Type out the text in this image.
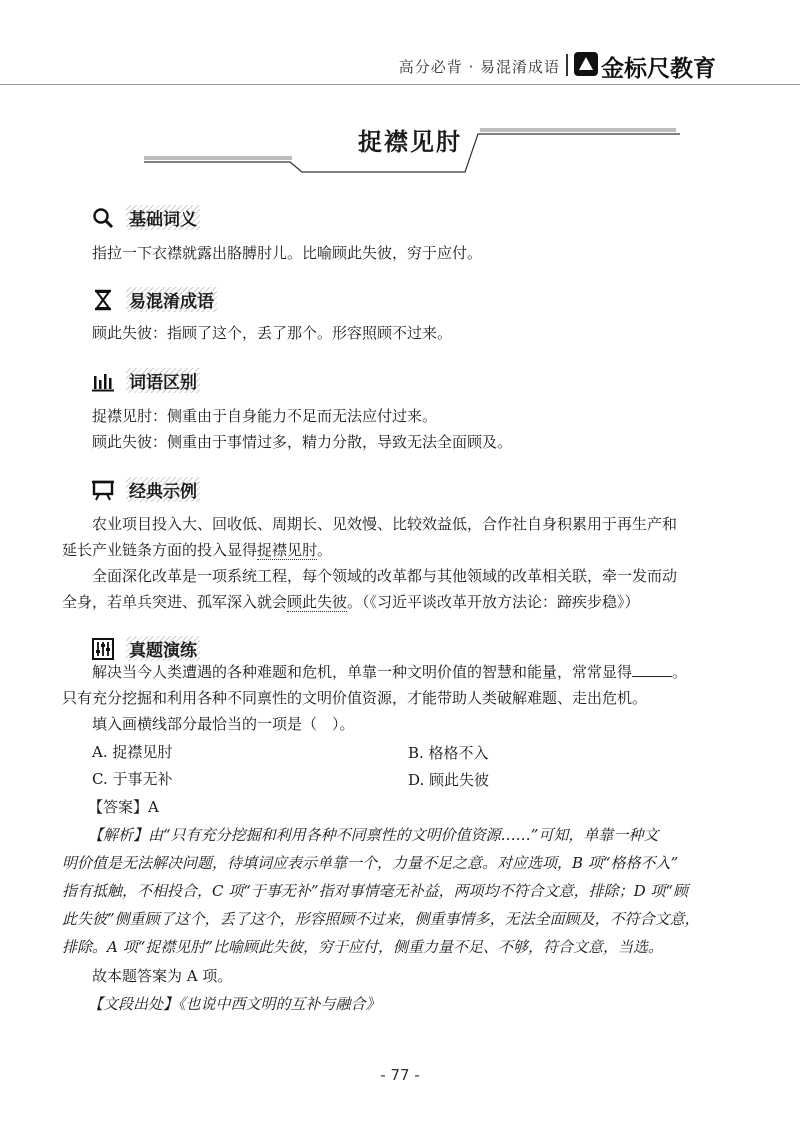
高分必背 · 易混淆成语 金标尺教育
捉襟见肘
基础词义
指拉一下衣襟就露出胳膊肘儿。比喻顾此失彼，穷于应付。
易混淆成语
顾此失彼：指顾了这个，丢了那个。形容照顾不过来。
词语区别
捉襟见肘：侧重由于自身能力不足而无法应付过来。
顾此失彼：侧重由于事情过多，精力分散，导致无法全面顾及。
经典示例
农业项目投入大、回收低、周期长、见效慢、比较效益低，合作社自身积累用于再生产和
延长产业链条方面的投入显得捉襟见肘。
全面深化改革是一项系统工程，每个领域的改革都与其他领域的改革相关联，牵一发而动
全身，若单兵突进、孤军深入就会顾此失彼。（《习近平谈改革开放方法论：蹄疾步稳》）
真题演练
解决当今人类遭遇的各种难题和危机，单靠一种文明价值的智慧和能量，常常显得	。
只有充分挖掘和利用各种不同禀性的文明价值资源，才能带助人类破解难题、走出危机。
填入画横线部分最恰当的一项是（　）。
A. 捉襟见肘	B. 格格不入
C. 于事无补	D. 顾此失彼
【答案】A
【解析】由“只有充分挖掘和利用各种不同禀性的文明价值资源……”可知，单靠一种文
明价值是无法解决问题，待填词应表示单靠一个，力量不足之意。对应选项，B 项“格格不入”
指有抵触，不相投合，C 项“于事无补”指对事情毫无补益，两项均不符合文意，排除；D 项“顾
此失彼”侧重顾了这个，丢了这个，形容照顾不过来，侧重事情多，无法全面顾及，不符合文意，
排除。A 项“捉襟见肘”比喻顾此失彼，穷于应付，侧重力量不足、不够，符合文意，当选。
故本题答案为 A 项。
【文段出处】《也说中西文明的互补与融合》
- 77 -
